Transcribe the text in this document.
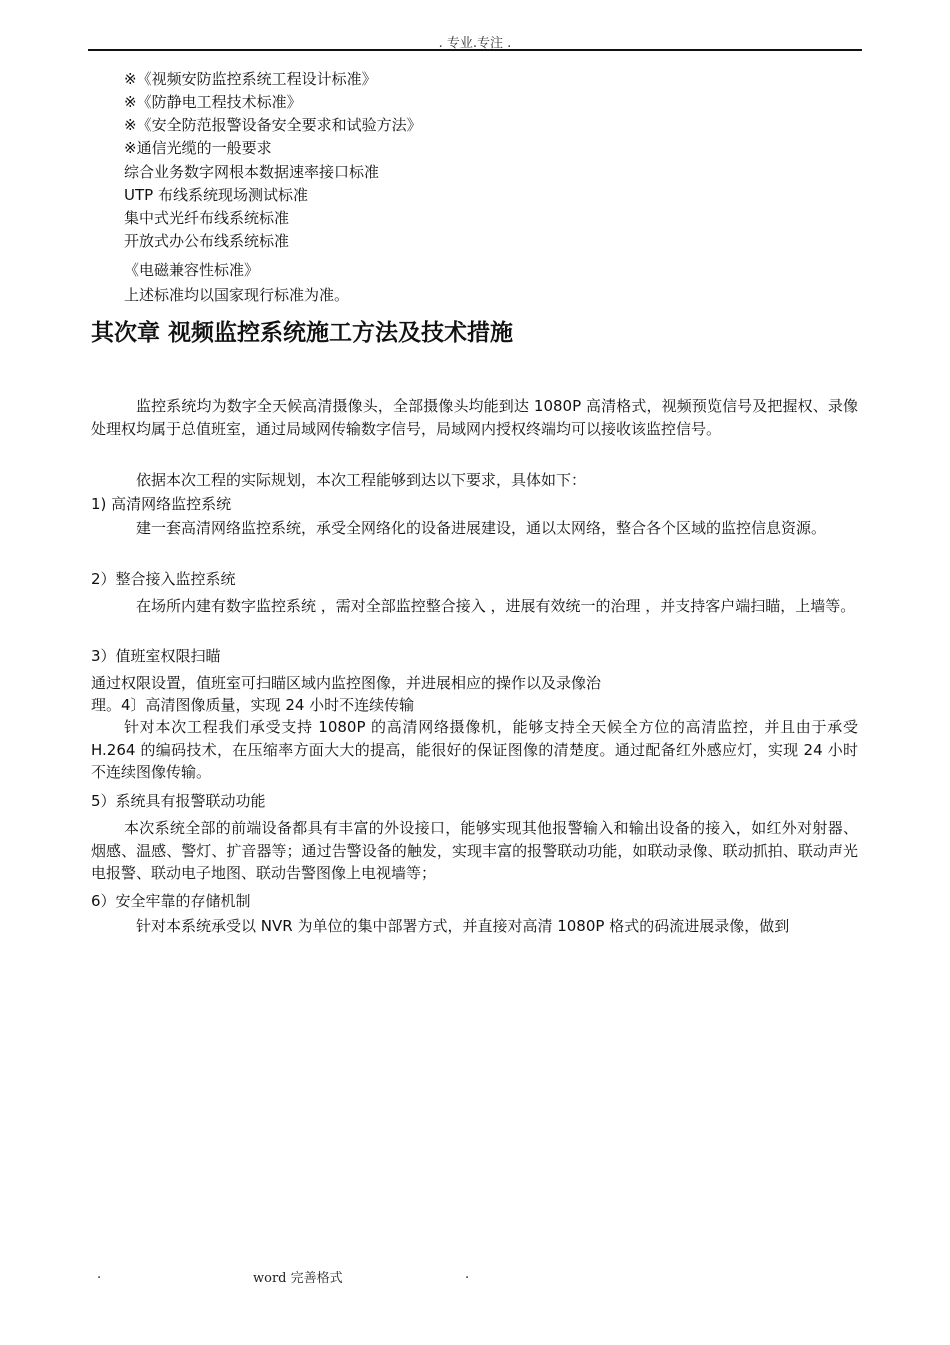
. 专业.专注 .
※《视频安防监控系统工程设计标准》
※《防静电工程技术标准》
※《安全防范报警设备安全要求和试验方法》
※通信光缆的一般要求
综合业务数字网根本数据速率接口标准
UTP 布线系统现场测试标准
集中式光纤布线系统标准
开放式办公布线系统标准
《电磁兼容性标准》
上述标准均以国家现行标准为准。
其次章 视频监控系统施工方法及技术措施
监控系统均为数字全天候高清摄像头，全部摄像头均能到达 1080P 高清格式，视频预览信号及把握权、录像处理权均属于总值班室，通过局域网传输数字信号，局域网内授权终端均可以接收该监控信号。
依据本次工程的实际规划，本次工程能够到达以下要求，具体如下：
1) 高清网络监控系统
建一套高清网络监控系统，承受全网络化的设备进展建设，通以太网络，整合各个区域的监控信息资源。
2）整合接入监控系统
在场所内建有数字监控系统 ，需对全部监控整合接入 ，进展有效统一的治理 ，并支持客户端扫瞄，上墙等。
3）值班室权限扫瞄
通过权限设置，值班室可扫瞄区域内监控图像，并进展相应的操作以及录像治
理。4〕高清图像质量，实现 24 小时不连续传输
针对本次工程我们承受支持 1080P 的高清网络摄像机，能够支持全天候全方位的高清监控，并且由于承受 H.264 的编码技术，在压缩率方面大大的提高，能很好的保证图像的清楚度。通过配备红外感应灯，实现 24 小时不连续图像传输。
5）系统具有报警联动功能
本次系统全部的前端设备都具有丰富的外设接口，能够实现其他报警输入和输出设备的接入，如红外对射器、烟感、温感、警灯、扩音器等；通过告警设备的触发，实现丰富的报警联动功能，如联动录像、联动抓拍、联动声光电报警、联动电子地图、联动告警图像上电视墙等；
6）安全牢靠的存储机制
针对本系统承受以 NVR 为单位的集中部署方式，并直接对高清 1080P 格式的码流进展录像，做到
.	word 完善格式	.
